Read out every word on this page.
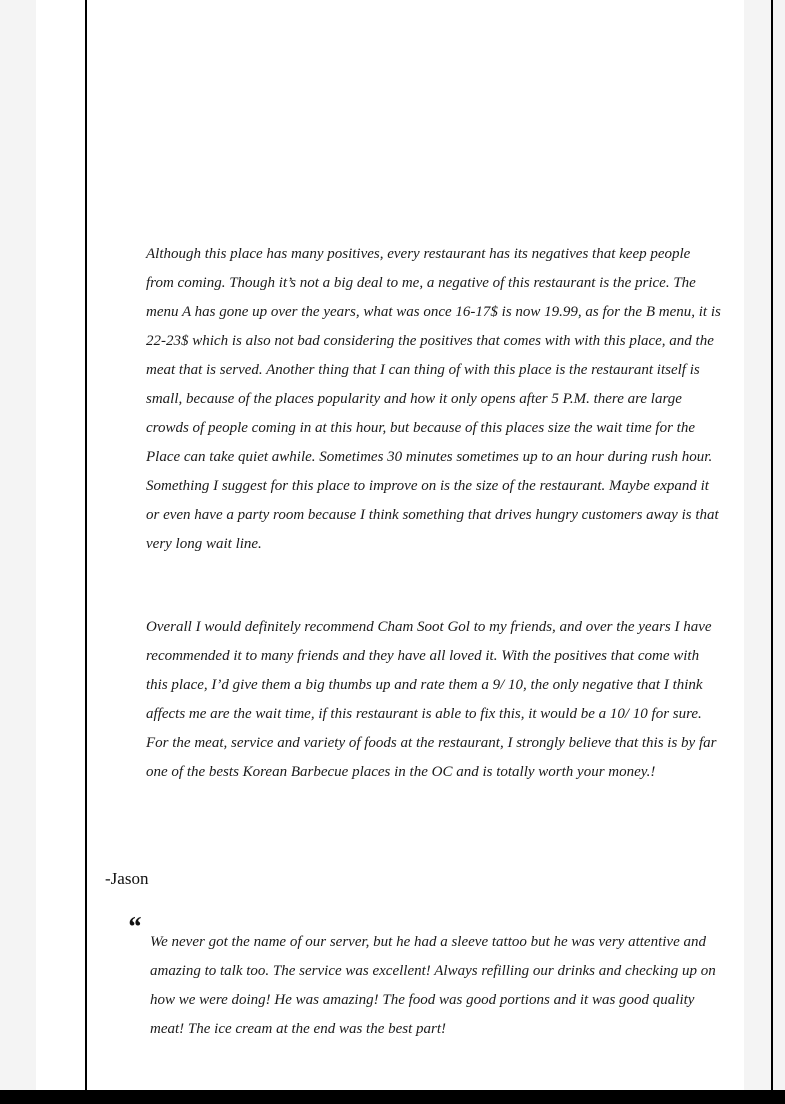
Although this place has many positives, every restaurant has its negatives that keep people from coming. Though it’s not a big deal to me, a negative of this restaurant is the price. The menu A has gone up over the years, what was once 16-17$ is now 19.99, as for the B menu, it is 22-23$ which is also not bad considering the positives that comes with with this place, and the meat that is served. Another thing that I can thing of with this place is the restaurant itself is small, because of the places popularity and how it only opens after 5 P.M. there are large crowds of people coming in at this hour, but because of this places size the wait time for the Place can take quiet awhile. Sometimes 30 minutes sometimes up to an hour during rush hour. Something I suggest for this place to improve on is the size of the restaurant. Maybe expand it or even have a party room because I think something that drives hungry customers away is that very long wait line.

Overall I would definitely recommend Cham Soot Gol to my friends, and over the years I have recommended it to many friends and they have all loved it. With the positives that come with this place, I’d give them a big thumbs up and rate them a 9/ 10, the only negative that I think affects me are the wait time, if this restaurant is able to fix this, it would be a 10/ 10 for sure. For the meat, service and variety of foods at the restaurant, I strongly believe that this is by far one of the bests Korean Barbecue places in the OC and is totally worth your money.!

-Jason

“ We never got the name of our server, but he had a sleeve tattoo but he was very attentive and amazing to talk too. The service was excellent! Always refilling our drinks and checking up on how we were doing! He was amazing! The food was good portions and it was good quality meat! The ice cream at the end was the best part!
